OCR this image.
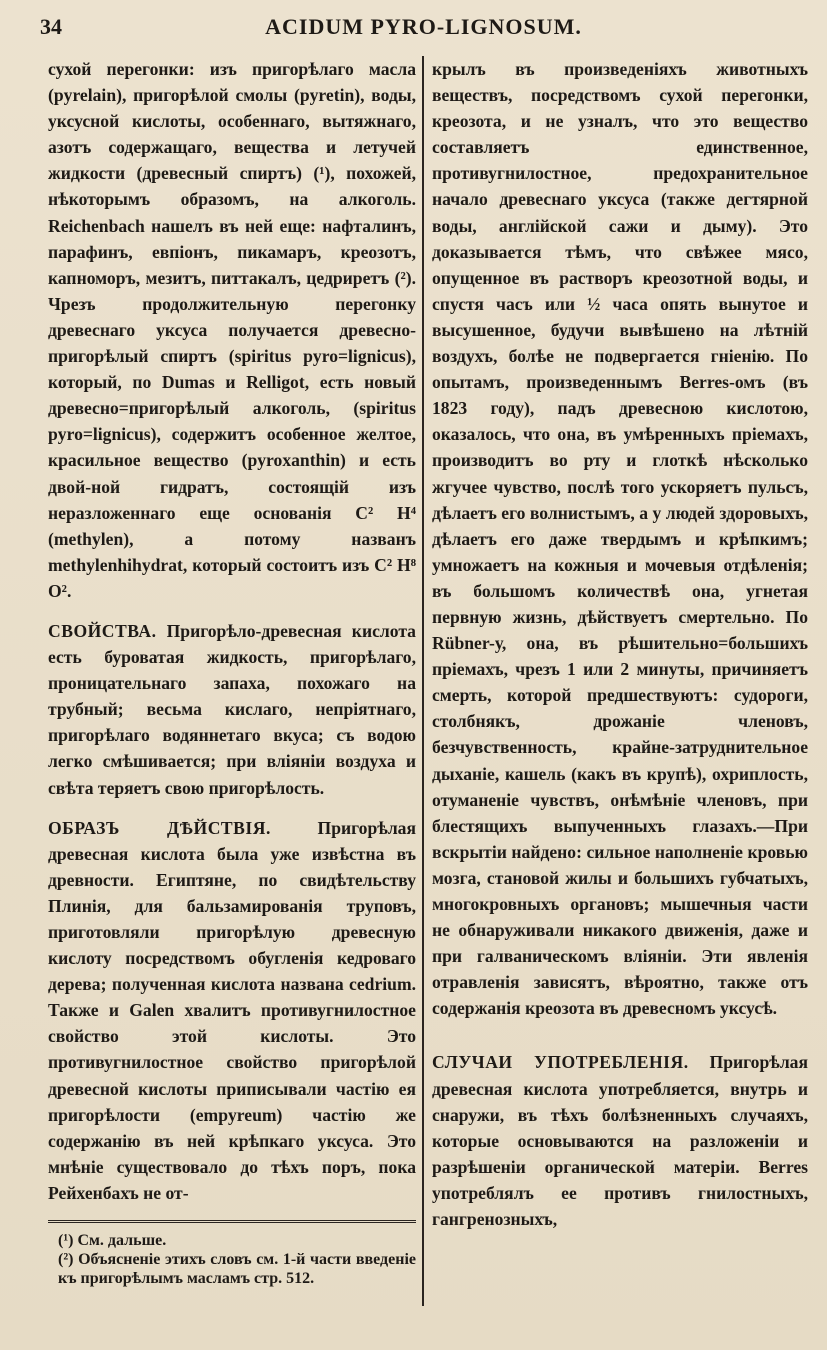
34	ACIDUM PYRO-LIGNOSUM.

сухой перегонки: изъ пригорѣлаго масла (pyrelain), пригорѣлой смолы (pyretin), воды, уксусной кислоты, особеннаго, вытяжнаго, азотъ содержащаго, вещества и летучей жидкости (древесный спиртъ) (¹), похожей, нѣкоторымъ образомъ, на алкоголь. Reichenbach нашелъ въ ней еще: нафталинъ, парафинъ, евпіонъ, пикамаръ, креозотъ, капноморъ, мезитъ, питтакалъ, цедриретъ (²). Чрезъ продолжительную перегонку древеснаго уксуса получается древесно-пригорѣлый спиртъ (spiritus pyro=lignicus), который, по Dumas и Relligot, есть новый древесно=пригорѣлый алкоголь, (spiritus pyro=lignicus), содержитъ особенное желтое, красильное вещество (pyroxanthin) и есть двой-ной гидратъ, состоящій изъ неразложеннаго еще основанія C² H⁴ (methylen), а потому названъ methylenhihydrat, который состоитъ изъ C² H⁸ O².

СВОЙСТВА. Пригорѣло-древесная кислота есть буроватая жидкость, пригорѣлаго, проницательнаго запаха, похожаго на трубный; весьма кислаго, непріятнаго, пригорѣлаго водяннетаго вкуса; съ водою легко смѣшивается; при вліяніи воздуха и свѣта теряетъ свою пригорѣлость.

ОБРАЗЪ ДѢЙСТВІЯ.	Пригорѣлая древесная кислота была уже извѣстна въ древности. Египтяне, по свидѣтельству Плинія, для бальзамированія труповъ, приготовляли пригорѣлую древесную кислоту посредствомъ обугленія кедроваго дерева; полученная кислота названа cedrium. Также и Galen хвалитъ противугнилостное свойство этой кислоты. Это противугнилостное свойство пригорѣлой древесной кислоты приписывали частію ея пригорѣлости (empyreum) частію же содержанію въ ней крѣпкаго уксуса. Это мнѣніе существовало до тѣхъ поръ, пока Рейхенбахъ не от-

(¹) См. дальше.

(²) Объясненіе этихъ словъ см. 1-й части введеніе къ пригорѣлымъ масламъ стр. 512.

крылъ въ произведеніяхъ животныхъ веществъ, посредствомъ сухой перегонки, креозота, и не узналъ, что это вещество составляетъ единственное, противугнилостное, предохранительное начало древеснаго уксуса (также дегтярной воды, англійской сажи и дыму). Это доказывается тѣмъ, что свѣжее мясо, опущенное въ растворъ креозотной воды, и спустя часъ или ½ часа опять вынутое и высушенное, будучи вывѣшено на лѣтній воздухъ, болѣе не подвергается гніенію. По опытамъ, произведеннымъ Berres-омъ (въ 1823 году), падъ древесною кислотою, оказалось, что она, въ умѣренныхъ пріемахъ, производитъ во рту и глоткѣ нѣсколько жгучее чувство, послѣ того ускоряетъ пульсъ, дѣлаетъ его волнистымъ, а у людей здоровыхъ, дѣлаетъ его даже твердымъ и крѣпкимъ; умножаетъ на кожныя и мочевыя отдѣленія; въ большомъ количествѣ она, угнетая первную жизнь, дѣйствуетъ смертельно. По Rübner-у, она, въ рѣшительно=большихъ пріемахъ, чрезъ 1 или 2 минуты, причиняетъ смерть, которой предшествуютъ: судороги, столбнякъ, дрожаніе членовъ, безчувственность, крайне-затруднительное дыханіе, кашель (какъ въ крупѣ), охриплость, отуманеніе чувствъ, онѣмѣніе членовъ, при блестящихъ выпученныхъ глазахъ.—При вскрытіи найдено: сильное наполненіе кровью мозга, становой жилы и большихъ губчатыхъ, многокровныхъ органовъ; мышечныя части не обнаруживали никакого движенія, даже и при галваническомъ вліяніи. Эти явленія отравленія зависятъ, вѣроятно, также отъ содержанія креозота въ древесномъ уксусѣ.

СЛУЧАИ УПОТРЕБЛЕНІЯ. Пригорѣлая древесная кислота употребляется, внутрь и снаружи, въ тѣхъ болѣзненныхъ случаяхъ, которые основываются на разложеніи и разрѣшеніи органической матеріи. Berres употреблялъ ее противъ гнилостныхъ, гангренозныхъ,
